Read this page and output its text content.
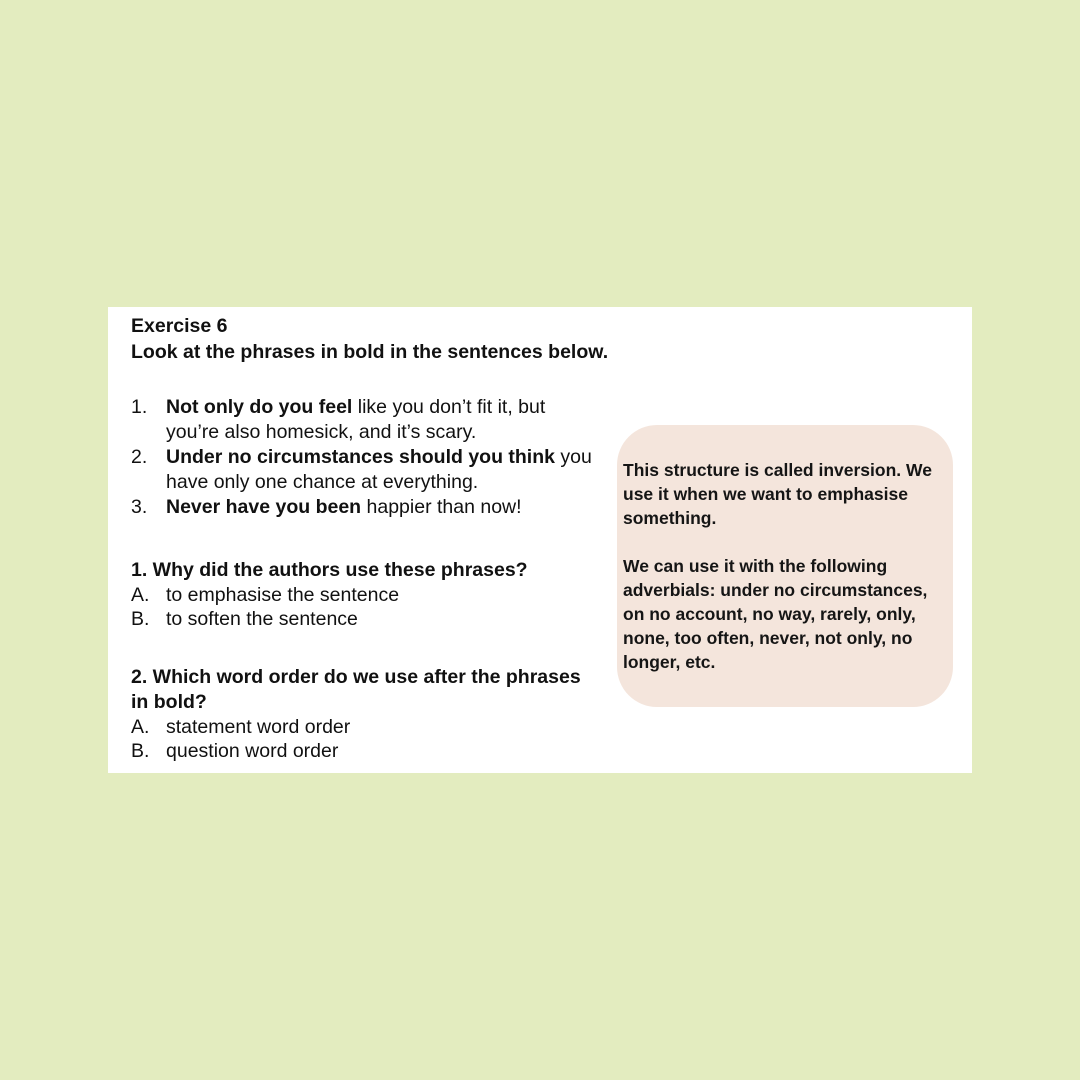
Exercise 6
Look at the phrases in bold in the sentences below.
1. Not only do you feel like you don’t fit it, but you’re also homesick, and it’s scary.
2. Under no circumstances should you think you have only one chance at everything.
3. Never have you been happier than now!
1. Why did the authors use these phrases?
A. to emphasise the sentence
B. to soften the sentence
2. Which word order do we use after the phrases in bold?
A. statement word order
B. question word order
This structure is called inversion. We use it when we want to emphasise something.
We can use it with the following adverbials: under no circumstances, on no account, no way, rarely, only, none, too often, never, not only, no longer, etc.
